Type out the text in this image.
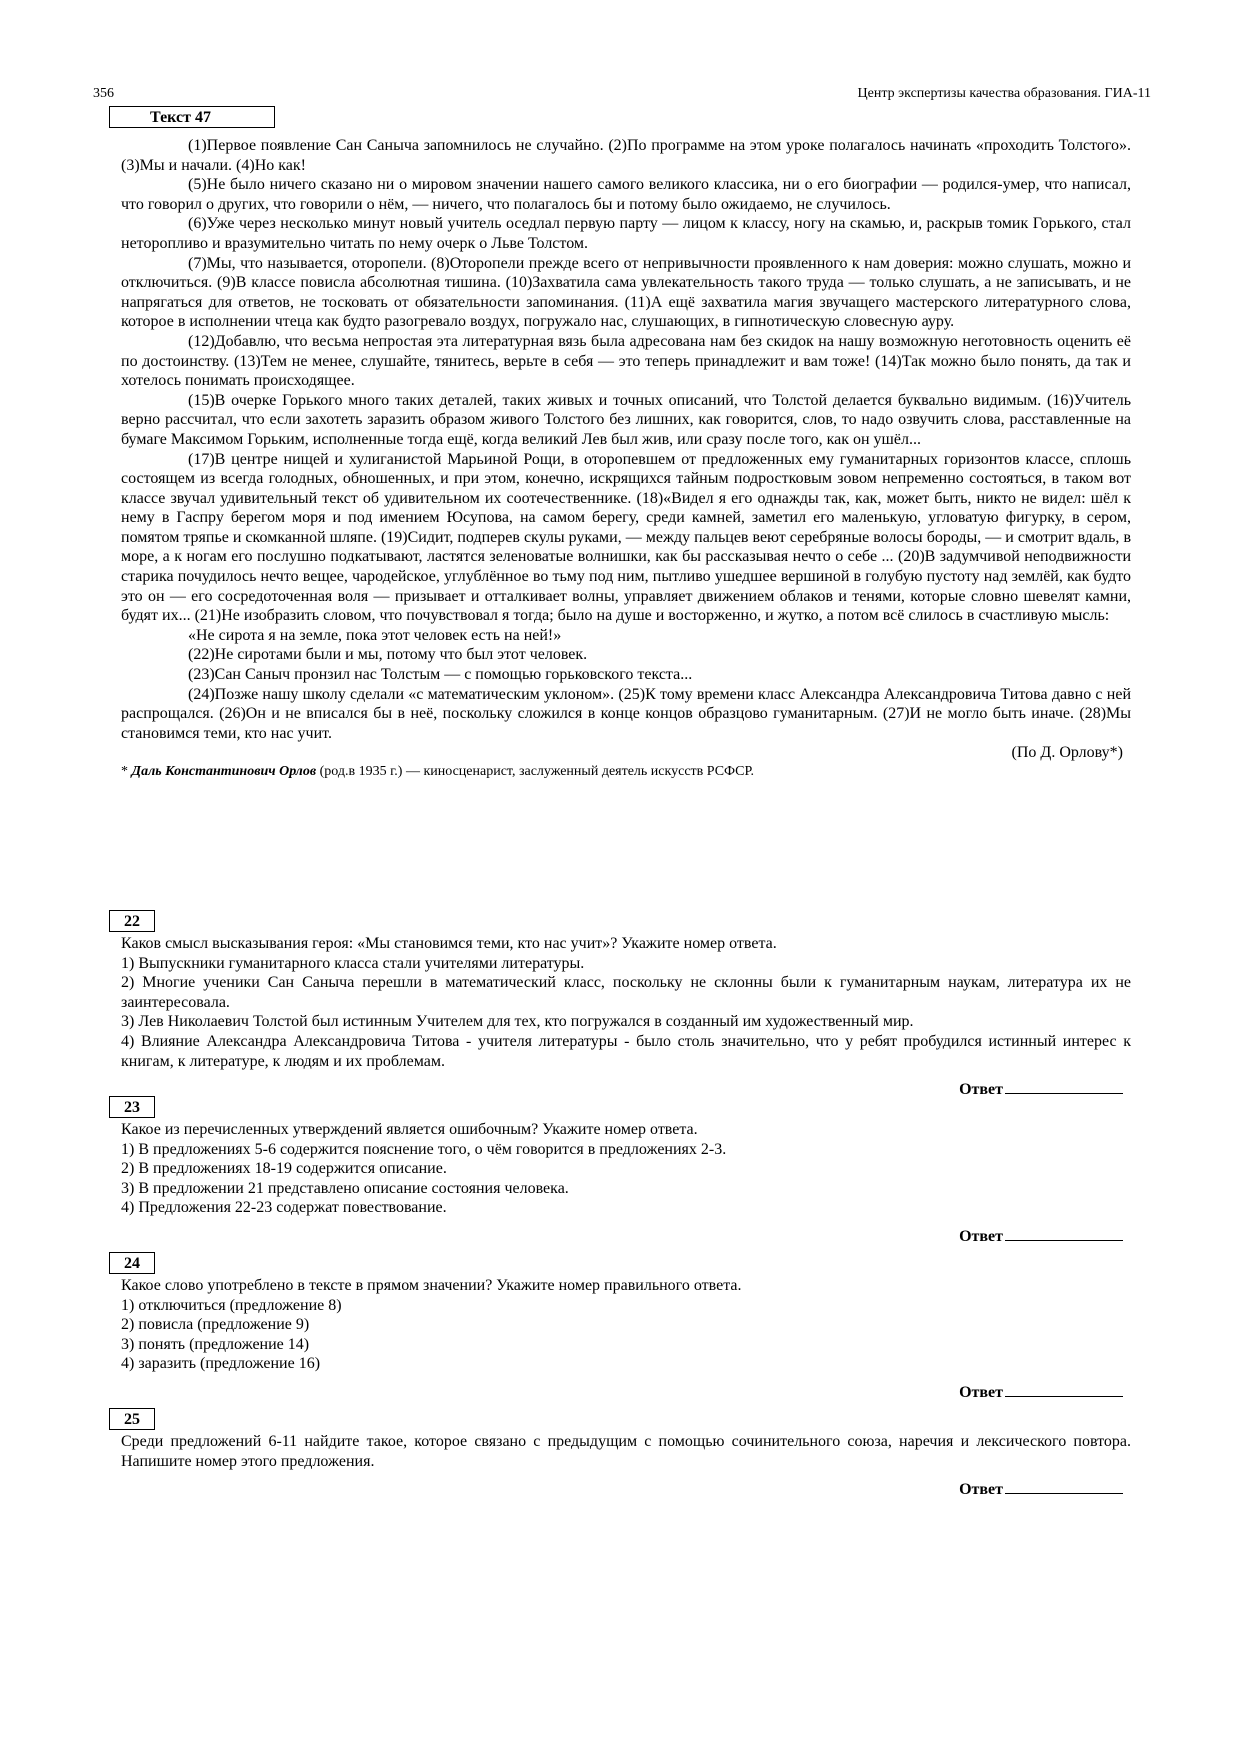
356	Центр экспертизы качества образования. ГИА-11
Текст 47

(1)Первое появление Сан Саныча запомнилось не случайно. (2)По программе на этом уроке полагалось начинать «проходить Толстого». (3)Мы и начали. (4)Но как!

(5)Не было ничего сказано ни о мировом значении нашего самого великого классика, ни о его биографии — родился-умер, что написал, что говорил о других, что говорили о нём, — ничего, что полагалось бы и потому было ожидаемо, не случилось.

(6)Уже через несколько минут новый учитель оседлал первую парту — лицом к классу, ногу на скамью, и, раскрыв томик Горького, стал неторопливо и вразумительно читать по нему очерк о Льве Толстом.

(7)Мы, что называется, оторопели. (8)Оторопели прежде всего от непривычности проявленного к нам доверия: можно слушать, можно и отключиться. (9)В классе повисла абсолютная тишина. (10)Захватила сама увлекательность такого труда — только слушать, а не записывать, и не напрягаться для ответов, не тосковать от обязательности запоминания. (11)А ещё захватила магия звучащего мастерского литературного слова, которое в исполнении чтеца как будто разогревало воздух, погружало нас, слушающих, в гипнотическую словесную ауру.

(12)Добавлю, что весьма непростая эта литературная вязь была адресована нам без скидок на нашу возможную неготовность оценить её по достоинству. (13)Тем не менее, слушайте, тянитесь, верьте в себя — это теперь принадлежит и вам тоже! (14)Так можно было понять, да так и хотелось понимать происходящее.

(15)В очерке Горького много таких деталей, таких живых и точных описаний, что Толстой делается буквально видимым. (16)Учитель верно рассчитал, что если захотеть заразить образом живого Толстого без лишних, как говорится, слов, то надо озвучить слова, расставленные на бумаге Максимом Горьким, исполненные тогда ещё, когда великий Лев был жив, или сразу после того, как он ушёл...

(17)В центре нищей и хулиганистой Марьиной Рощи, в оторопевшем от предложенных ему гуманитарных горизонтов классе, сплошь состоящем из всегда голодных, обношенных, и при этом, конечно, искрящихся тайным подростковым зовом непременно состояться, в таком вот классе звучал удивительный текст об удивительном их соотечественнике. (18)«Видел я его однажды так, как, может быть, никто не видел: шёл к нему в Гаспру берегом моря и под имением Юсупова, на самом берегу, среди камней, заметил его маленькую, угловатую фигурку, в сером, помятом тряпье и скомканной шляпе. (19)Сидит, подперев скулы руками, — между пальцев веют серебряные волосы бороды, — и смотрит вдаль, в море, а к ногам его послушно подкатывают, ластятся зеленоватые волнишки, как бы рассказывая нечто о себе ... (20)В задумчивой неподвижности старика почудилось нечто вещее, чародейское, углублённое во тьму под ним, пытливо ушедшее вершиной в голубую пустоту над землёй, как будто это он — его сосредоточенная воля — призывает и отталкивает волны, управляет движением облаков и тенями, которые словно шевелят камни, будят их... (21)Не изобразить словом, что почувствовал я тогда; было на душе и восторженно, и жутко, а потом всё слилось в счастливую мысль:

«Не сирота я на земле, пока этот человек есть на ней!»

(22)Не сиротами были и мы, потому что был этот человек.

(23)Сан Саныч пронзил нас Толстым — с помощью горьковского текста...

(24)Позже нашу школу сделали «с математическим уклоном». (25)К тому времени класс Александра Александровича Титова давно с ней распрощался. (26)Он и не вписался бы в неё, поскольку сложился в конце концов образцово гуманитарным. (27)И не могло быть иначе. (28)Мы становимся теми, кто нас учит.

(По Д. Орлову*)

* Даль Константинович Орлов (род.в 1935 г.) — киносценарист, заслуженный деятель искусств РСФСР.

22

Каков смысл высказывания героя: «Мы становимся теми, кто нас учит»? Укажите номер ответа.

1) Выпускники гуманитарного класса стали учителями литературы.

2) Многие ученики Сан Саныча перешли в математический класс, поскольку не склонны были к гуманитарным наукам, литература их не заинтересовала.

3) Лев Николаевич Толстой был истинным Учителем для тех, кто погружался в созданный им художественный мир.

4) Влияние Александра Александровича Титова - учителя литературы - было столь значительно, что у ребят пробудился истинный интерес к книгам, к литературе, к людям и их проблемам.

Ответ
23

Какое из перечисленных утверждений является ошибочным? Укажите номер ответа.

1) В предложениях 5-6 содержится пояснение того, о чём говорится в предложениях 2-3.

2) В предложениях 18-19 содержится описание.

3) В предложении 21 представлено описание состояния человека.

4) Предложения 22-23 содержат повествование.

Ответ
24

Какое слово употреблено в тексте в прямом значении? Укажите номер правильного ответа.

1) отключиться (предложение 8)

2) повисла (предложение 9)

3) понять (предложение 14)

4) заразить (предложение 16)

Ответ
25

Среди предложений 6-11 найдите такое, которое связано с предыдущим с помощью сочинительного союза, наречия и лексического повтора. Напишите номер этого предложения.

Ответ
